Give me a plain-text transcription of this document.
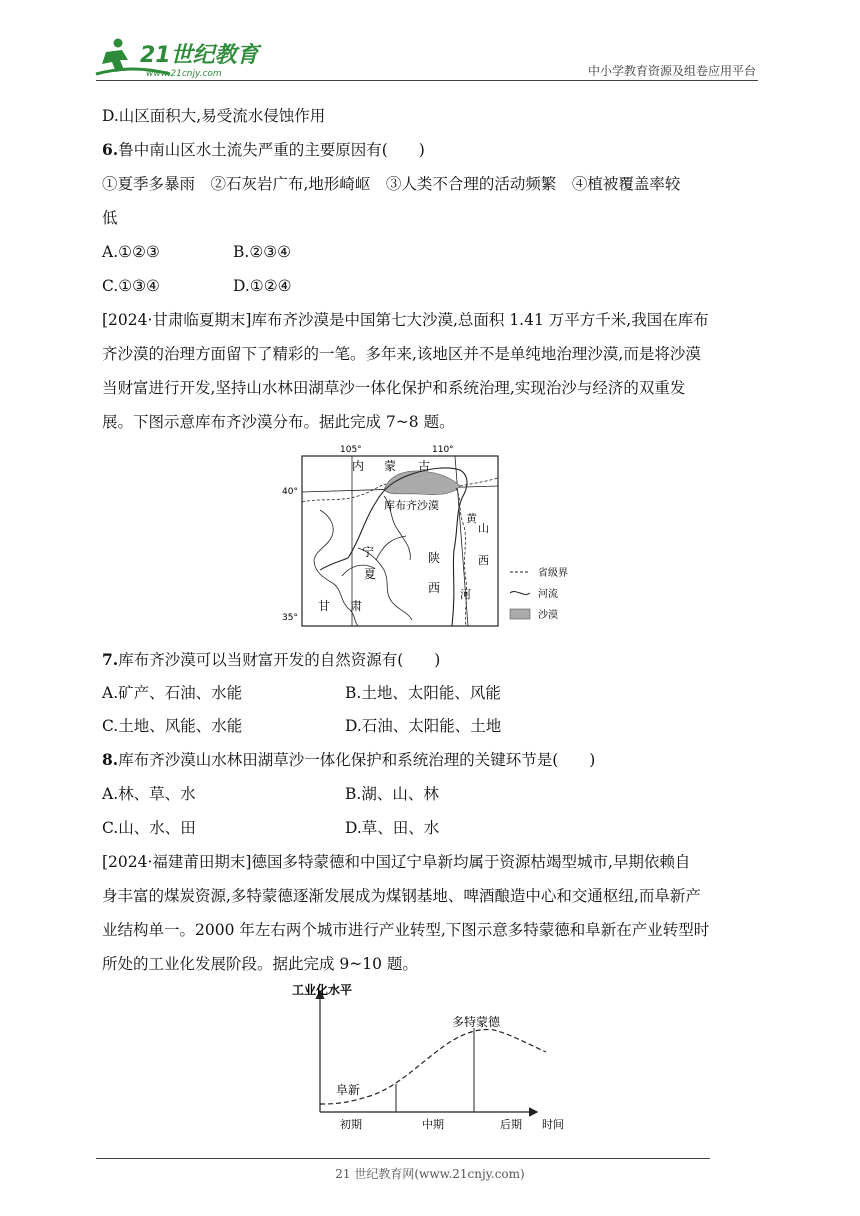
21世纪教育
www.21cnjy.com	中小学教育资源及组卷应用平台
D.山区面积大,易受流水侵蚀作用
6.鲁中南山区水土流失严重的主要原因有(　　)
①夏季多暴雨　②石灰岩广布,地形崎岖　③人类不合理的活动频繁　④植被覆盖率较
低
A.①②③	B.②③④
C.①③④	D.①②④
[2024·甘肃临夏期末]库布齐沙漠是中国第七大沙漠,总面积 1.41 万平方千米,我国在库布
齐沙漠的治理方面留下了精彩的一笔。多年来,该地区并不是单纯地治理沙漠,而是将沙漠
当财富进行开发,坚持山水林田湖草沙一体化保护和系统治理,实现治沙与经济的双重发
展。下图示意库布齐沙漠分布。据此完成 7~8 题。
105°	110°
40°
35°
内 蒙 古
库布齐沙漠
黄
山
西
宁
夏
陕
西
甘 肃
河
省级界
河流
沙漠
7.库布齐沙漠可以当财富开发的自然资源有(　　)
A.矿产、石油、水能	B.土地、太阳能、风能
C.土地、风能、水能	D.石油、太阳能、土地
8.库布齐沙漠山水林田湖草沙一体化保护和系统治理的关键环节是(　　)
A.林、草、水	B.湖、山、林
C.山、水、田	D.草、田、水
[2024·福建莆田期末]德国多特蒙德和中国辽宁阜新均属于资源枯竭型城市,早期依赖自
身丰富的煤炭资源,多特蒙德逐渐发展成为煤钢基地、啤酒酿造中心和交通枢纽,而阜新产
业结构单一。2000 年左右两个城市进行产业转型,下图示意多特蒙德和阜新在产业转型时
所处的工业化发展阶段。据此完成 9~10 题。
工业化水平
时间
初期	中期	后期
多特蒙德
阜新
21 世纪教育网(www.21cnjy.com)
